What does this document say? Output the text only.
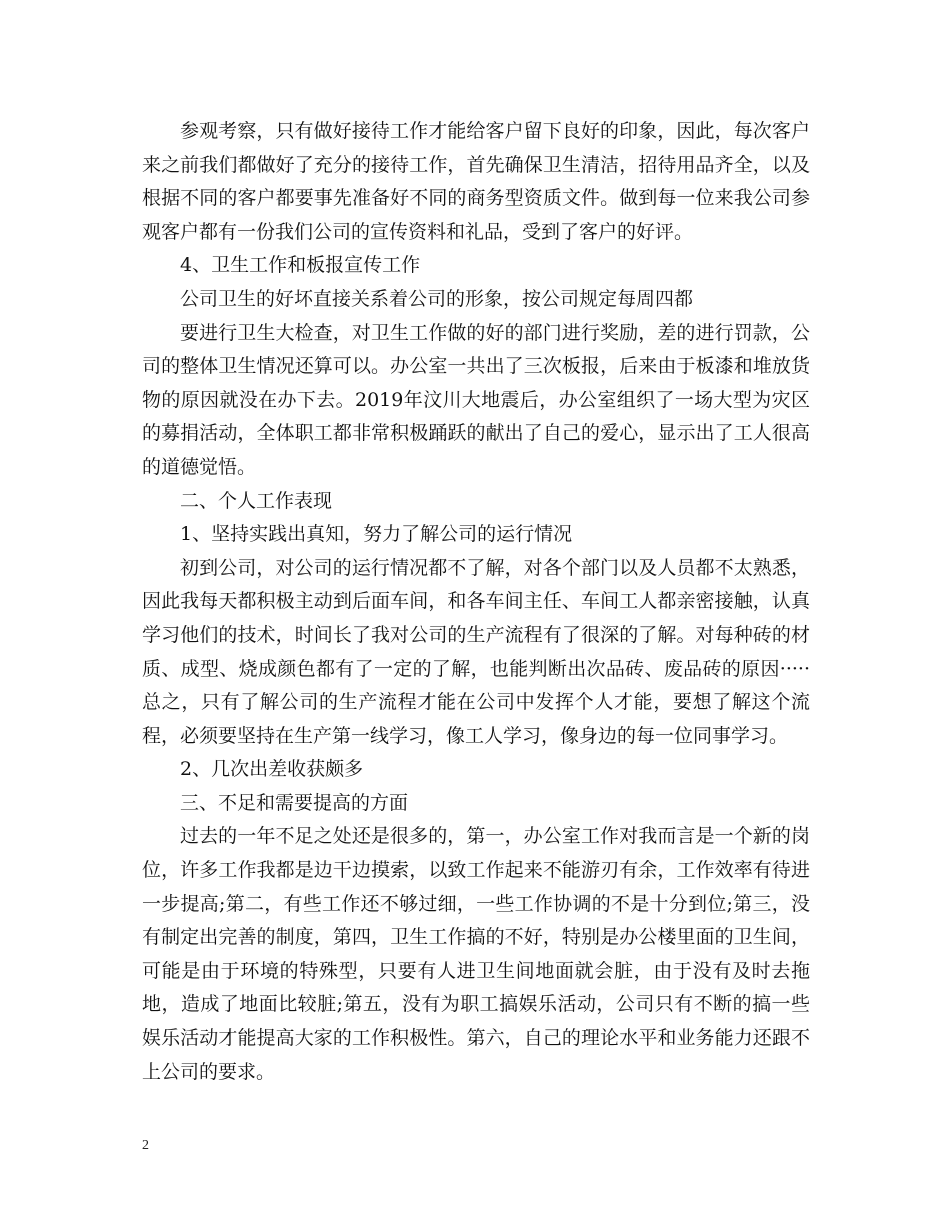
参观考察，只有做好接待工作才能给客户留下良好的印象，因此，每次客户来之前我们都做好了充分的接待工作，首先确保卫生清洁，招待用品齐全，以及根据不同的客户都要事先准备好不同的商务型资质文件。做到每一位来我公司参观客户都有一份我们公司的宣传资料和礼品，受到了客户的好评。

4、卫生工作和板报宣传工作

公司卫生的好坏直接关系着公司的形象，按公司规定每周四都

要进行卫生大检查，对卫生工作做的好的部门进行奖励，差的进行罚款，公司的整体卫生情况还算可以。办公室一共出了三次板报，后来由于板漆和堆放货物的原因就没在办下去。2019年汶川大地震后，办公室组织了一场大型为灾区的募捐活动，全体职工都非常积极踊跃的献出了自己的爱心，显示出了工人很高的道德觉悟。

二、个人工作表现

1、坚持实践出真知，努力了解公司的运行情况

初到公司，对公司的运行情况都不了解，对各个部门以及人员都不太熟悉，因此我每天都积极主动到后面车间，和各车间主任、车间工人都亲密接触，认真学习他们的技术，时间长了我对公司的生产流程有了很深的了解。对每种砖的材质、成型、烧成颜色都有了一定的了解，也能判断出次品砖、废品砖的原因·····总之，只有了解公司的生产流程才能在公司中发挥个人才能，要想了解这个流程，必须要坚持在生产第一线学习，像工人学习，像身边的每一位同事学习。

2、几次出差收获颇多

三、不足和需要提高的方面

过去的一年不足之处还是很多的，第一，办公室工作对我而言是一个新的岗位，许多工作我都是边干边摸索，以致工作起来不能游刃有余，工作效率有待进一步提高;第二，有些工作还不够过细，一些工作协调的不是十分到位;第三，没有制定出完善的制度，第四，卫生工作搞的不好，特别是办公楼里面的卫生间，可能是由于环境的特殊型，只要有人进卫生间地面就会脏，由于没有及时去拖地，造成了地面比较脏;第五，没有为职工搞娱乐活动，公司只有不断的搞一些娱乐活动才能提高大家的工作积极性。第六，自己的理论水平和业务能力还跟不上公司的要求。

2
